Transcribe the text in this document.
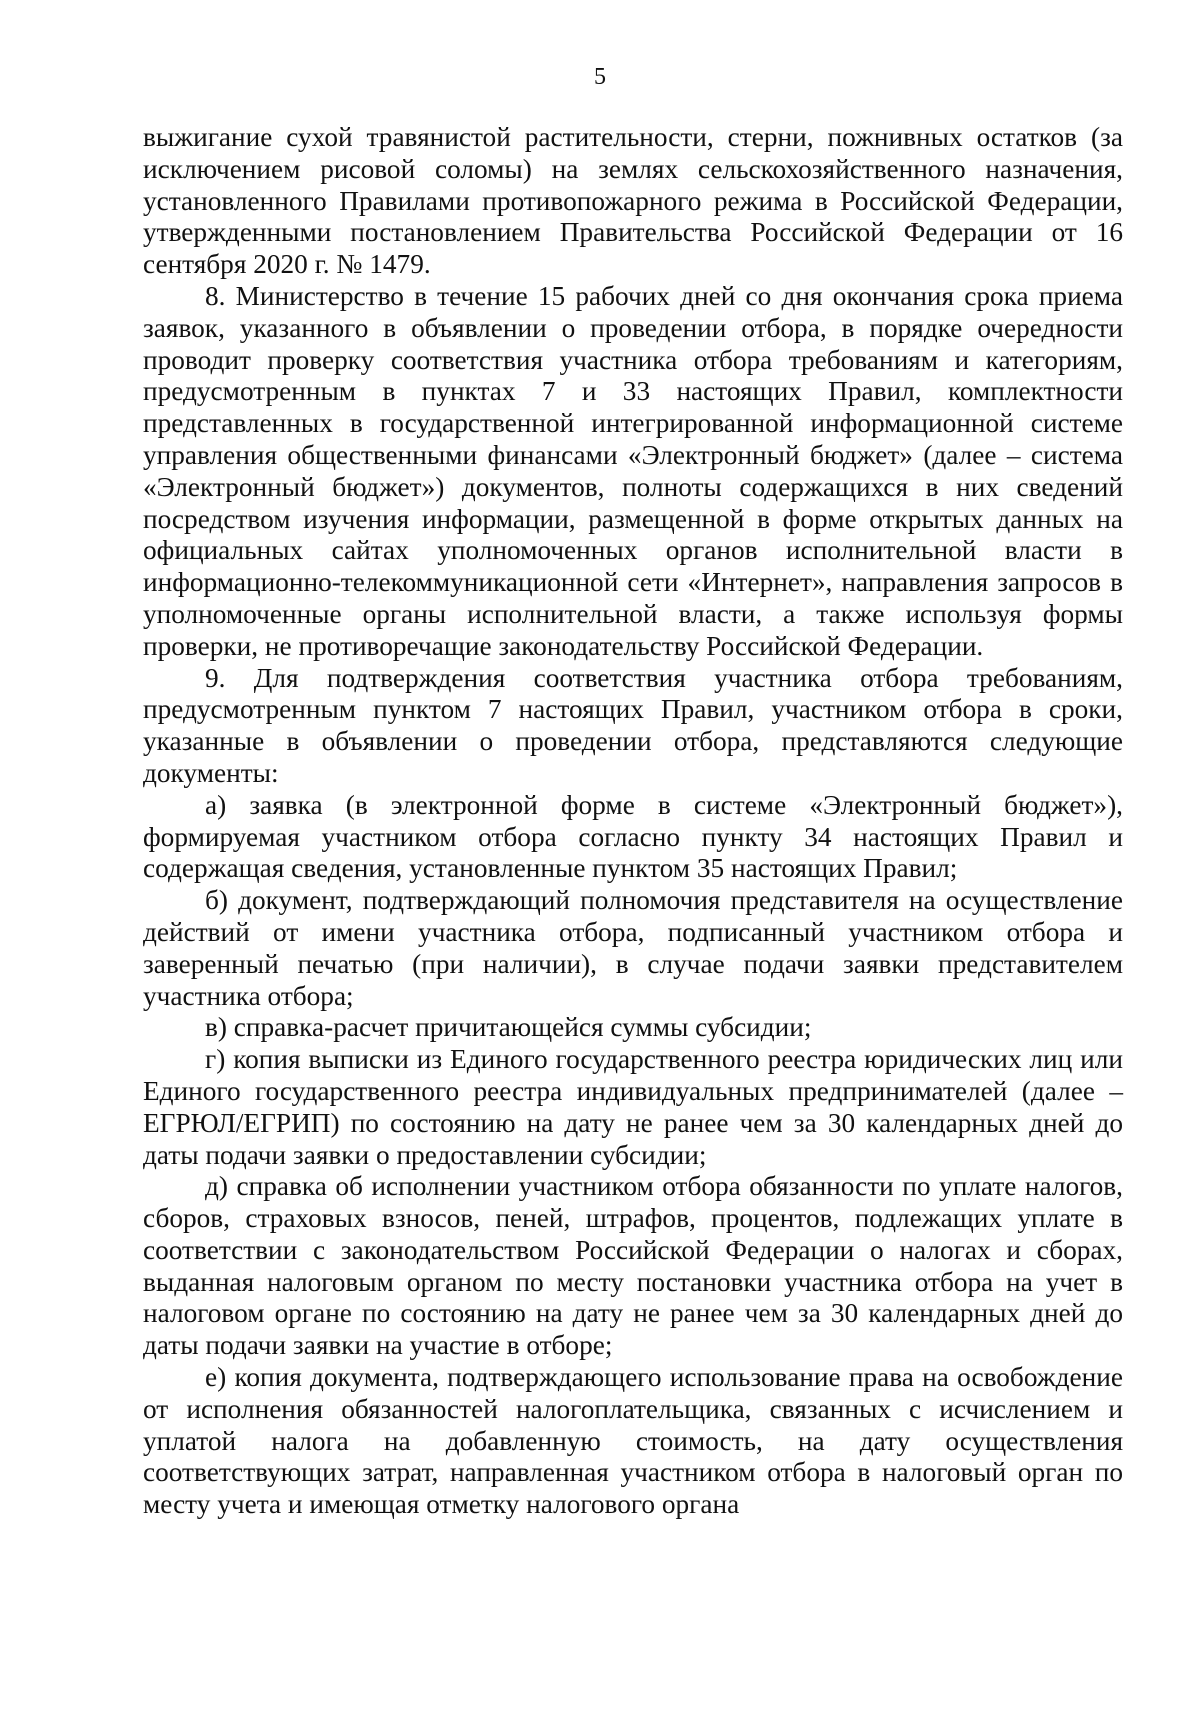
5

выжигание сухой травянистой растительности, стерни, пожнивных остатков (за исключением рисовой соломы) на землях сельскохозяйственного назначения, установленного Правилами противопожарного режима в Российской Федерации, утвержденными постановлением Правительства Российской Федерации от 16 сентября 2020 г. № 1479.

8. Министерство в течение 15 рабочих дней со дня окончания срока приема заявок, указанного в объявлении о проведении отбора, в порядке очередности проводит проверку соответствия участника отбора требованиям и категориям, предусмотренным в пунктах 7 и 33 настоящих Правил, комплектности представленных в государственной интегрированной информационной системе управления общественными финансами «Электронный бюджет» (далее – система «Электронный бюджет») документов, полноты содержащихся в них сведений посредством изучения информации, размещенной в форме открытых данных на официальных сайтах уполномоченных органов исполнительной власти в информационно-телекоммуникационной сети «Интернет», направления запросов в уполномоченные органы исполнительной власти, а также используя формы проверки, не противоречащие законодательству Российской Федерации.

9. Для подтверждения соответствия участника отбора требованиям, предусмотренным пунктом 7 настоящих Правил, участником отбора в сроки, указанные в объявлении о проведении отбора, представляются следующие документы:

а) заявка (в электронной форме в системе «Электронный бюджет»), формируемая участником отбора согласно пункту 34 настоящих Правил и содержащая сведения, установленные пунктом 35 настоящих Правил;

б) документ, подтверждающий полномочия представителя на осуществление действий от имени участника отбора, подписанный участником отбора и заверенный печатью (при наличии), в случае подачи заявки представителем участника отбора;

в) справка-расчет причитающейся суммы субсидии;

г) копия выписки из Единого государственного реестра юридических лиц или Единого государственного реестра индивидуальных предпринимателей (далее – ЕГРЮЛ/ЕГРИП) по состоянию на дату не ранее чем за 30 календарных дней до даты подачи заявки о предоставлении субсидии;

д) справка об исполнении участником отбора обязанности по уплате налогов, сборов, страховых взносов, пеней, штрафов, процентов, подлежащих уплате в соответствии с законодательством Российской Федерации о налогах и сборах, выданная налоговым органом по месту постановки участника отбора на учет в налоговом органе по состоянию на дату не ранее чем за 30 календарных дней до даты подачи заявки на участие в отборе;

е) копия документа, подтверждающего использование права на освобождение от исполнения обязанностей налогоплательщика, связанных с исчислением и уплатой налога на добавленную стоимость, на дату осуществления соответствующих затрат, направленная участником отбора в налоговый орган по месту учета и имеющая отметку налогового органа
